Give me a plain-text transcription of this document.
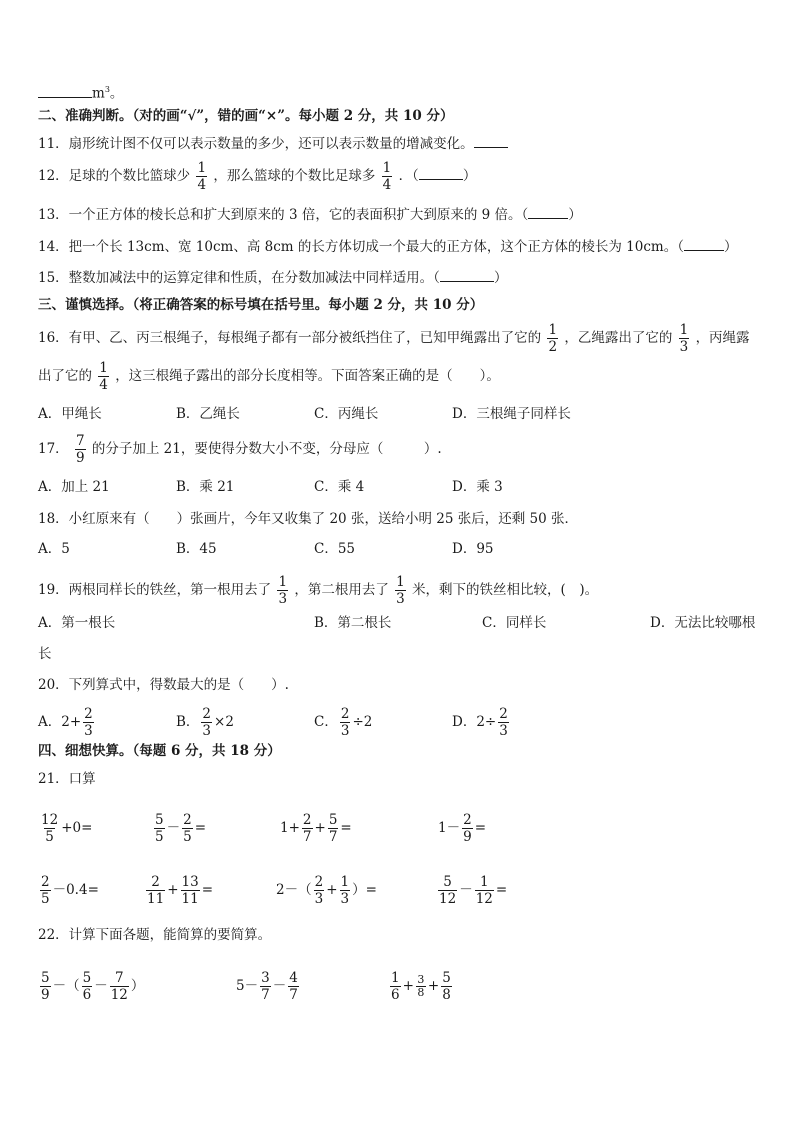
$m^3$。
二、准确判断。（对的画“√”，错的画“×”。每小题 2 分，共 10 分）
11．扇形统计图不仅可以表示数量的多少，还可以表示数量的增减变化。
12．足球的个数比篮球少 $\frac{1}{4}$ ，那么篮球的个数比足球多 $\frac{1}{4}$ ．（	）
13．一个正方体的棱长总和扩大到原来的 3 倍，它的表面积扩大到原来的 9 倍。（	）
14．把一个长 13cm、宽 10cm、高 8cm 的长方体切成一个最大的正方体，这个正方体的棱长为 10cm。（	）
15．整数加减法中的运算定律和性质，在分数加减法中同样适用。（	）
三、谨慎选择。（将正确答案的标号填在括号里。每小题 2 分，共 10 分）
16．有甲、乙、丙三根绳子，每根绳子都有一部分被纸挡住了，已知甲绳露出了它的 $\frac{1}{2}$ ，乙绳露出了它的 $\frac{1}{3}$ ，丙绳露
出了它的 $\frac{1}{4}$ ，这三根绳子露出的部分长度相等。下面答案正确的是（　　）。
A．甲绳长	B．乙绳长	C．丙绳长	D．三根绳子同样长
17． $\frac{7}{9}$ 的分子加上 21，要使得分数大小不变，分母应（　　　）.
A．加上 21	B．乘 21	C．乘 4	D．乘 3
18．小红原来有（　　）张画片，今年又收集了 20 张，送给小明 25 张后，还剩 50 张．
A．5	B．45	C．55	D．95
19．两根同样长的铁丝，第一根用去了 $\frac{1}{3}$ ，第二根用去了 $\frac{1}{3}$ 米，剩下的铁丝相比较，(　)。
A．第一根长	B．第二根长	C．同样长	D．无法比较哪根
长
20．下列算式中，得数最大的是（　　）.
A．$2+ \frac{2}{3}$	B． $\frac{2}{3} \times 2$	C． $\frac{2}{3} \div 2$	D．$2\div \frac{2}{3}$
四、细想快算。（每题 6 分，共 18 分）
21．口算
$\frac{12}{5} +0=$	$\frac{5}{5} - \frac{2}{5}$ =	$1+ \frac{2}{7} + \frac{5}{7}$ =	$1- \frac{2}{9}$ =
$\frac{2}{5} -0.4=$	$\frac{2}{11} + \frac{13}{11}$ =	$2-( \frac{2}{3} + \frac{1}{3}$ ）=	$\frac{5}{12} - \frac{1}{12}$ =
22．计算下面各题，能简算的要简算。
$\frac{5}{9}$ －（ $\frac{5}{6} - \frac{7}{12}$ ）	$5- \frac{3}{7} - \frac{4}{7}$	$\frac{1}{6} + \frac{3}{8} + \frac{5}{8}$
